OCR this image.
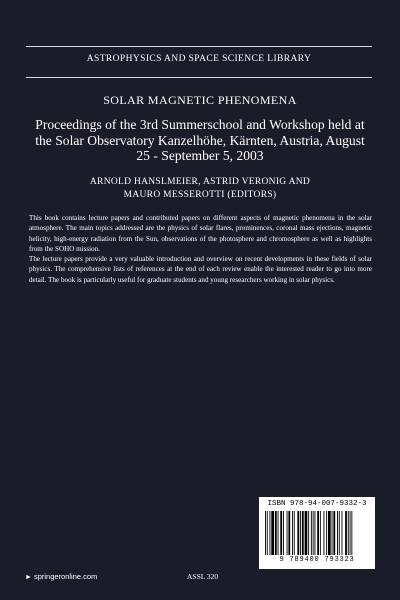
ASTROPHYSICS AND SPACE SCIENCE LIBRARY
SOLAR MAGNETIC PHENOMENA
Proceedings of the 3rd Summerschool and Workshop held at the Solar Observatory Kanzelhöhe, Kärnten, Austria, August 25 - September 5, 2003
ARNOLD HANSLMEIER, ASTRID VERONIG AND
MAURO MESSEROTTI (EDITORS)

This book contains lecture papers and contributed papers on different aspects of magnetic phenomena in the solar atmosphere. The main topics addressed are the physics of solar flares, prominences, coronal mass ejections, magnetic helicity, high-energy radiation from the Sun, observations of the photosphere and chromosphere as well as highlights from the SOHO mission.

The lecture papers provide a very valuable introduction and overview on recent developments in these fields of solar physics. The comprehensive lists of references at the end of each review enable the interested reader to go into more detail. The book is particularly useful for graduate students and young researchers working in solar physics.

ISBN 978-94-007-9332-3
9 789400 793323
► springeronline.com	ASSL 320
